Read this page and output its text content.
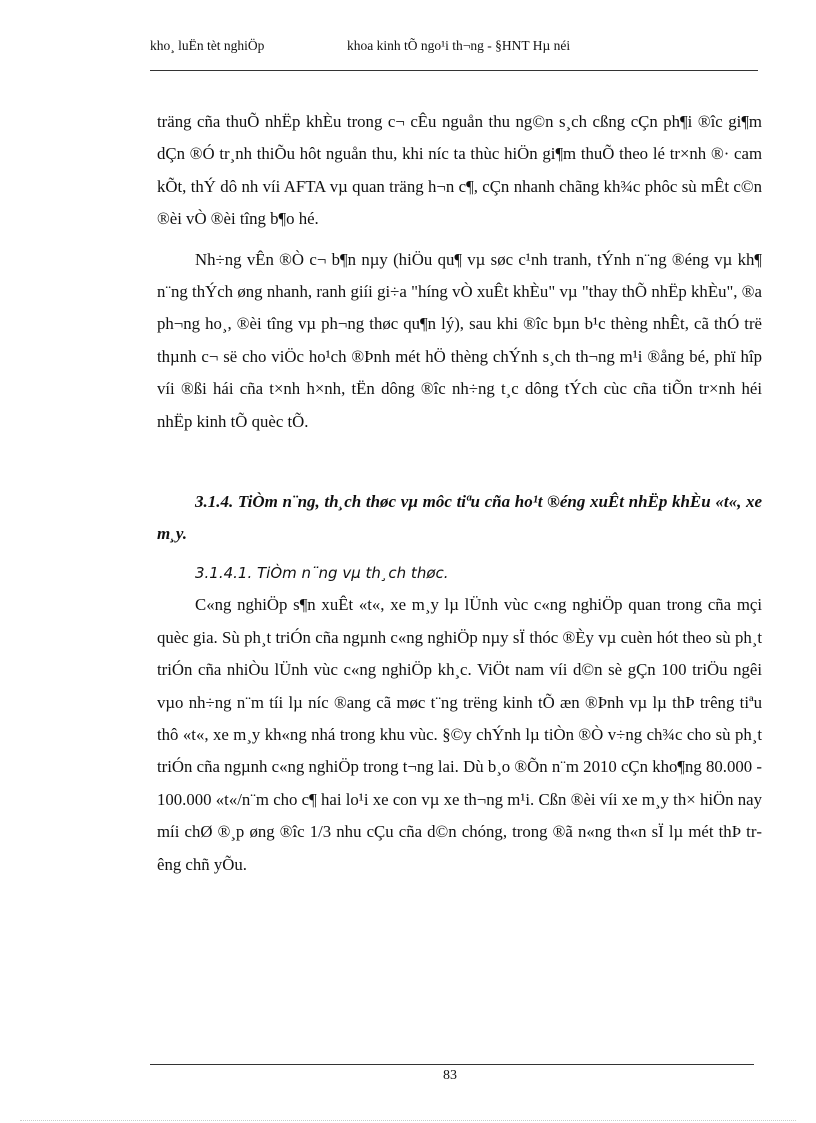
kho¸ luËn tèt nghiÖp	khoa kinh tÕ ngo¹i th¬ng - §HNT Hµ néi

träng cña thuÕ nhËp khÈu trong c¬ cÊu nguån thu ng©n s¸ch cßng cÇn ph¶i ®îc gi¶m dÇn ®Ó tr¸nh thiÕu hôt nguån thu, khi níc ta thùc hiÖn gi¶m thuÕ theo lé tr×nh ®· cam kÕt, thÝ dô nh víi AFTA vµ quan träng h¬n c¶, cÇn nhanh chãng kh¾c phôc sù mÊt c©n ®èi vÒ ®èi tîng b¶o hé.

Nh÷ng vÊn ®Ò c¬ b¶n nµy (hiÖu qu¶ vµ søc c¹nh tranh, tÝnh n¨ng ®éng vµ kh¶ n¨ng thÝch øng nhanh, ranh giíi gi÷a "híng vÒ xuÊt khÈu" vµ "thay thÕ nhËp khÈu", ®a ph¬ng ho¸, ®èi tîng vµ ph¬ng thøc qu¶n lý), sau khi ®îc bµn b¹c thèng nhÊt, cã thÓ trë thµnh c¬ së cho viÖc ho¹ch ®Þnh mét hÖ thèng chÝnh s¸ch th¬ng m¹i ®ång bé, phï hîp víi ®ßi hái cña t×nh h×nh, tËn dông ®îc nh÷ng t¸c dông tÝch cùc cña tiÕn tr×nh héi nhËp kinh tÕ quèc tÕ.

3.1.4. TiÒm n¨ng, th¸ch thøc vµ môc tiªu cña ho¹t ®éng xuÊt nhËp khÈu «t«, xe m¸y.

3.1.4.1. TiÒm n¨ng vµ th¸ch thøc.

C«ng nghiÖp s¶n xuÊt «t«, xe m¸y lµ lÜnh vùc c«ng nghiÖp quan trong cña mçi quèc gia. Sù ph¸t triÓn cña ngµnh c«ng nghiÖp nµy sÏ thóc ®Èy vµ cuèn hót theo sù ph¸t triÓn cña nhiÒu lÜnh vùc c«ng nghiÖp kh¸c. ViÖt nam víi d©n sè gÇn 100 triÖu ngêi vµo nh÷ng n¨m tíi lµ níc ®ang cã møc t¨ng trëng kinh tÕ æn ®Þnh vµ lµ thÞ trêng tiªu thô «t«, xe m¸y kh«ng nhá trong khu vùc. §©y chÝnh lµ tiÒn ®Ò v÷ng ch¾c cho sù ph¸t triÓn cña ngµnh c«ng nghiÖp trong t¬ng lai. Dù b¸o ®Õn n¨m 2010 cÇn kho¶ng 80.000 - 100.000 «t«/n¨m cho c¶ hai lo¹i xe con vµ xe th¬ng m¹i. Cßn ®èi víi xe m¸y th× hiÖn nay míi chØ ®¸p øng ®îc 1/3 nhu cÇu cña d©n chóng, trong ®ã n«ng th«n sÏ lµ mét thÞ trêng chñ yÕu.

83
